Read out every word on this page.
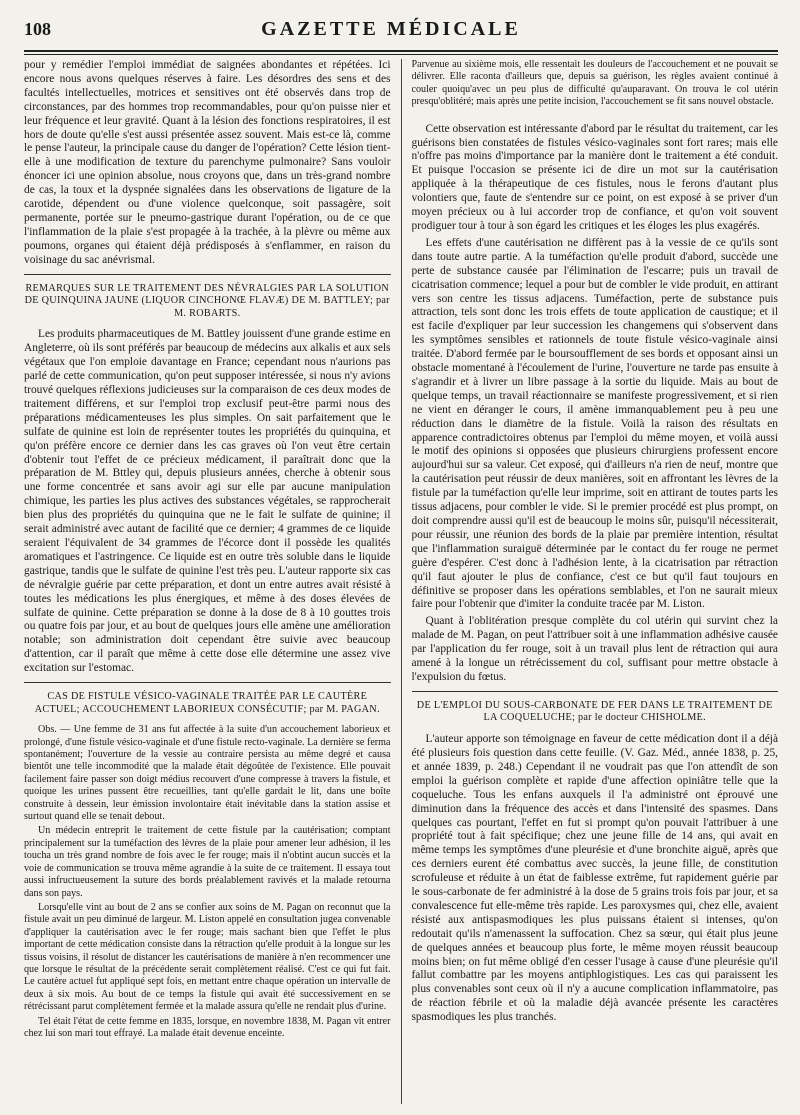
108	GAZETTE MÉDICALE

pour y remédier l'emploi immédiat de saignées abondantes et répétées. Ici encore nous avons quelques réserves à faire. Les désordres des sens et des facultés intellectuelles, motrices et sensitives ont été observés dans trop de circonstances, par des hommes trop recommandables, pour qu'on puisse nier et leur fréquence et leur gravité. Quant à la lésion des fonctions respiratoires, il est hors de doute qu'elle s'est aussi présentée assez souvent. Mais est-ce là, comme le pense l'auteur, la principale cause du danger de l'opération? Cette lésion tient-elle à une modification de texture du parenchyme pulmonaire? Sans vouloir énoncer ici une opinion absolue, nous croyons que, dans un très-grand nombre de cas, la toux et la dyspnée signalées dans les observations de ligature de la carotide, dépendent ou d'une violence quelconque, soit passagère, soit permanente, portée sur le pneumo-gastrique durant l'opération, ou de ce que l'inflammation de la plaie s'est propagée à la trachée, à la plèvre ou même aux poumons, organes qui étaient déjà prédisposés à s'enflammer, en raison du voisinage du sac anévrismal.

REMARQUES SUR LE TRAITEMENT DES NÉVRALGIES PAR LA SOLUTION DE QUINQUINA JAUNE (LIQUOR CINCHONŒ FLAVÆ) DE M. BATTLEY; par M. ROBARTS.

Les produits pharmaceutiques de M. Battley jouissent d'une grande estime en Angleterre, où ils sont préférés par beaucoup de médecins aux alkalis et aux sels végétaux que l'on emploie davantage en France; cependant nous n'aurions pas parlé de cette communication, qu'on peut supposer intéressée, si nous n'y avions trouvé quelques réflexions judicieuses sur la comparaison de ces deux modes de traitement différens, et sur l'emploi trop exclusif peut-être parmi nous des préparations médicamenteuses les plus simples. On sait parfaitement que le sulfate de quinine est loin de représenter toutes les propriétés du quinquina, et qu'on préfère encore ce dernier dans les cas graves où l'on veut être certain d'obtenir tout l'effet de ce précieux médicament, il paraîtrait donc que la préparation de M. Bttley qui, depuis plusieurs années, cherche à obtenir sous une forme concentrée et sans avoir agi sur elle par aucune manipulation chimique, les parties les plus actives des substances végétales, se rapprocherait bien plus des propriétés du quinquina que ne le fait le sulfate de quinine; il serait administré avec autant de facilité que ce dernier; 4 grammes de ce liquide seraient l'équivalent de 34 grammes de l'écorce dont il possède les qualités aromatiques et l'astringence. Ce liquide est en outre très soluble dans le liquide gastrique, tandis que le sulfate de quinine l'est très peu. L'auteur rapporte six cas de névralgie guérie par cette préparation, et dont un entre autres avait résisté à toutes les médications les plus énergiques, et même à des doses élevées de sulfate de quinine. Cette préparation se donne à la dose de 8 à 10 gouttes trois ou quatre fois par jour, et au bout de quelques jours elle amène une amélioration notable; son administration doit cependant être suivie avec beaucoup d'attention, car il paraît que même à cette dose elle détermine une assez vive excitation sur l'estomac.

CAS DE FISTULE VÉSICO-VAGINALE TRAITÉE PAR LE CAUTÈRE ACTUEL; ACCOUCHEMENT LABORIEUX CONSÉCUTIF; par M. PAGAN.

Obs. — Une femme de 31 ans fut affectée à la suite d'un accouchement laborieux et prolongé, d'une fistule vésico-vaginale et d'une fistule recto-vaginale. La dernière se ferma spontanément; l'ouverture de la vessie au contraire persista au même degré et causa bientôt une telle incommodité que la malade était dégoûtée de l'existence. Elle pouvait facilement faire passer son doigt médius recouvert d'une compresse à travers la fistule, et quoique les urines pussent être recueillies, tant qu'elle gardait le lit, dans une boîte construite à dessein, leur émission involontaire était inévitable dans la station assise et surtout quand elle se tenait debout.

Un médecin entreprit le traitement de cette fistule par la cautérisation; comptant principalement sur la tuméfaction des lèvres de la plaie pour amener leur adhésion, il les toucha un très grand nombre de fois avec le fer rouge; mais il n'obtint aucun succès et la voie de communication se trouva même agrandie à la suite de ce traitement. Il essaya tout aussi infructueusement la suture des bords préalablement ravivés et la malade retourna dans son pays.

Lorsqu'elle vint au bout de 2 ans se confier aux soins de M. Pagan on reconnut que la fistule avait un peu diminué de largeur. M. Liston appelé en consultation jugea convenable d'appliquer la cautérisation avec le fer rouge; mais sachant bien que l'effet le plus important de cette médication consiste dans la rétraction qu'elle produit à la longue sur les tissus voisins, il résolut de distancer les cautérisations de manière à n'en recommencer une que lorsque le résultat de la précédente serait complètement réalisé. C'est ce qui fut fait. Le cautère actuel fut appliqué sept fois, en mettant entre chaque opération un intervalle de deux à six mois. Au bout de ce temps la fistule qui avait été successivement en se rétrécissant parut complètement fermée et la malade assura qu'elle ne rendait plus d'urine.

Tel était l'état de cette femme en 1835, lorsque, en novembre 1838, M. Pagan vit entrer chez lui son mari tout effrayé. La malade était devenue enceinte.

Parvenue au sixième mois, elle ressentait les douleurs de l'accouchement et ne pouvait se délivrer. Elle raconta d'ailleurs que, depuis sa guérison, les règles avaient continué à couler quoiqu'avec un peu plus de difficulté qu'auparavant. On trouva le col utérin presqu'oblitéré; mais après une petite incision, l'accouchement se fit sans nouvel obstacle.

Cette observation est intéressante d'abord par le résultat du traitement, car les guérisons bien constatées de fistules vésico-vaginales sont fort rares; mais elle n'offre pas moins d'importance par la manière dont le traitement a été conduit. Et puisque l'occasion se présente ici de dire un mot sur la cautérisation appliquée à la thérapeutique de ces fistules, nous le ferons d'autant plus volontiers que, faute de s'entendre sur ce point, on est exposé à se priver d'un moyen précieux ou à lui accorder trop de confiance, et qu'on voit souvent prodiguer tour à tour à son égard les critiques et les éloges les plus exagérés.

Les effets d'une cautérisation ne diffèrent pas à la vessie de ce qu'ils sont dans toute autre partie. A la tuméfaction qu'elle produit d'abord, succède une perte de substance causée par l'élimination de l'escarre; puis un travail de cicatrisation commence; lequel a pour but de combler le vide produit, en attirant vers son centre les tissus adjacens. Tuméfaction, perte de substance puis attraction, tels sont donc les trois effets de toute application de caustique; et il est facile d'expliquer par leur succession les changemens qui s'observent dans les symptômes sensibles et rationnels de toute fistule vésico-vaginale ainsi traitée. D'abord fermée par le boursoufflement de ses bords et opposant ainsi un obstacle momentané à l'écoulement de l'urine, l'ouverture ne tarde pas ensuite à s'agrandir et à livrer un libre passage à la sortie du liquide. Mais au bout de quelque temps, un travail réactionnaire se manifeste progressivement, et si rien ne vient en déranger le cours, il amène immanquablement peu à peu une réduction dans le diamètre de la fistule. Voilà la raison des résultats en apparence contradictoires obtenus par l'emploi du même moyen, et voilà aussi le motif des opinions si opposées que plusieurs chirurgiens professent encore aujourd'hui sur sa valeur. Cet exposé, qui d'ailleurs n'a rien de neuf, montre que la cautérisation peut réussir de deux manières, soit en affrontant les lèvres de la fistule par la tuméfaction qu'elle leur imprime, soit en attirant de toutes parts les tissus adjacens, pour combler le vide. Si le premier procédé est plus prompt, on doit comprendre aussi qu'il est de beaucoup le moins sûr, puisqu'il nécessiterait, pour réussir, une réunion des bords de la plaie par première intention, résultat que l'inflammation suraiguë déterminée par le contact du fer rouge ne permet guère d'espérer. C'est donc à l'adhésion lente, à la cicatrisation par rétraction qu'il faut ajouter le plus de confiance, c'est ce but qu'il faut toujours en définitive se proposer dans les opérations semblables, et l'on ne saurait mieux faire pour l'obtenir que d'imiter la conduite tracée par M. Liston.

Quant à l'oblitération presque complète du col utérin qui survint chez la malade de M. Pagan, on peut l'attribuer soit à une inflammation adhésive causée par l'application du fer rouge, soit à un travail plus lent de rétraction qui aura amené à la longue un rétrécissement du col, suffisant pour mettre obstacle à l'expulsion du fœtus.

DE L'EMPLOI DU SOUS-CARBONATE DE FER DANS LE TRAITEMENT DE LA COQUELUCHE; par le docteur CHISHOLME.

L'auteur apporte son témoignage en faveur de cette médication dont il a déjà été plusieurs fois question dans cette feuille. (V. Gaz. Méd., année 1838, p. 25, et année 1839, p. 248.) Cependant il ne voudrait pas que l'on attendît de son emploi la guérison complète et rapide d'une affection opiniâtre telle que la coqueluche. Tous les enfans auxquels il l'a administré ont éprouvé une diminution dans la fréquence des accès et dans l'intensité des spasmes. Dans quelques cas pourtant, l'effet en fut si prompt qu'on pouvait l'attribuer à une propriété tout à fait spécifique; chez une jeune fille de 14 ans, qui avait en même temps les symptômes d'une pleurésie et d'une bronchite aiguë, après que ces derniers eurent été combattus avec succès, la jeune fille, de constitution scrofuleuse et réduite à un état de faiblesse extrême, fut rapidement guérie par le sous-carbonate de fer administré à la dose de 5 grains trois fois par jour, et sa convalescence fut elle-même très rapide. Les paroxysmes qui, chez elle, avaient résisté aux antispasmodiques les plus puissans étaient si intenses, qu'on redoutait qu'ils n'amenassent la suffocation. Chez sa sœur, qui était plus jeune de quelques années et beaucoup plus forte, le même moyen réussit beaucoup moins bien; on fut même obligé d'en cesser l'usage à cause d'une pleurésie qu'il fallut combattre par les moyens antiphlogistiques. Les cas qui paraissent les plus convenables sont ceux où il n'y a aucune complication inflammatoire, pas de réaction fébrile et où la maladie déjà avancée présente les caractères spasmodiques les plus tranchés.
